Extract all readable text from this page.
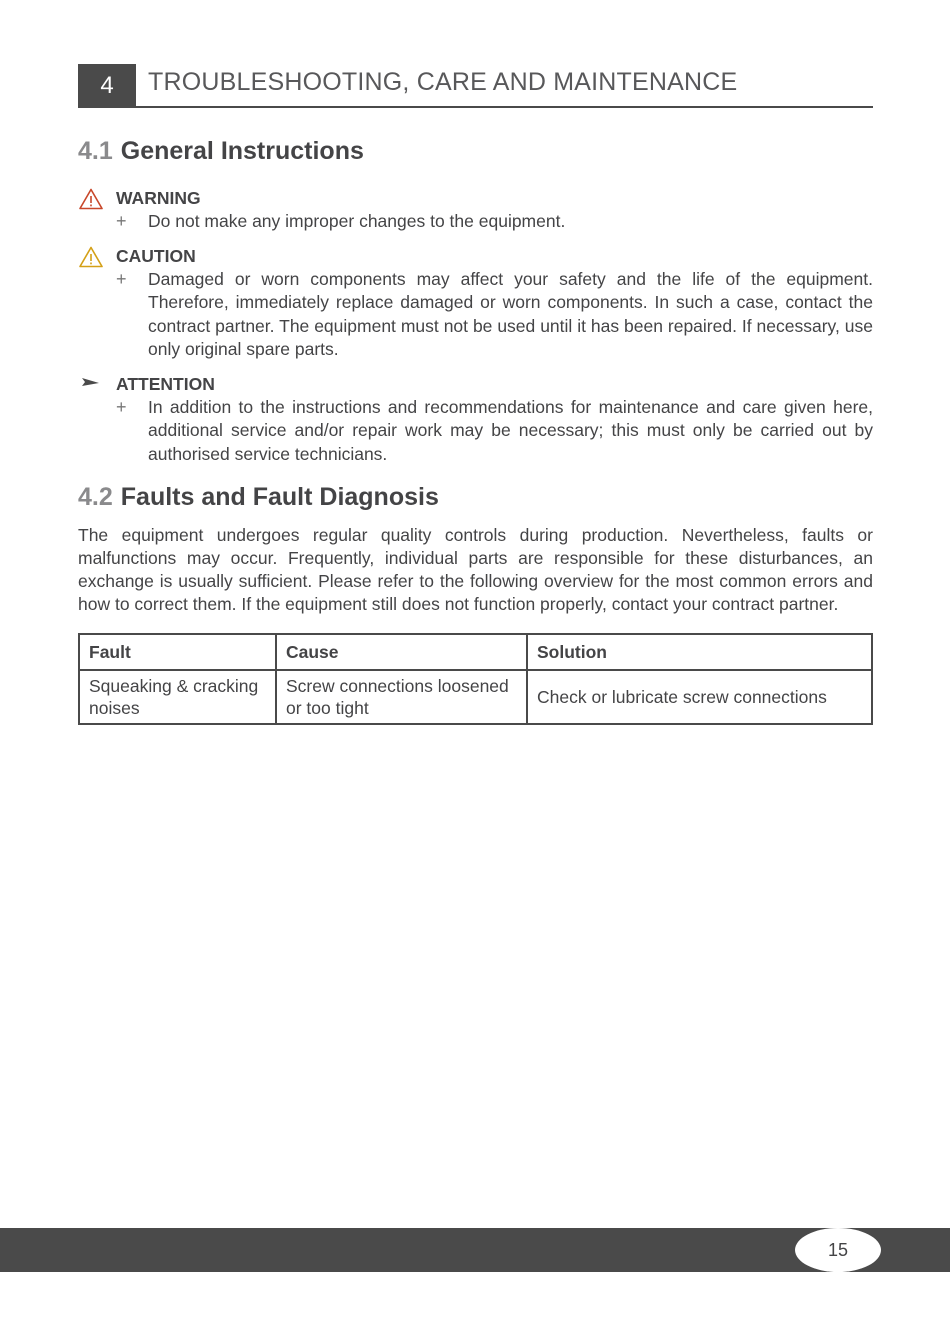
4	TROUBLESHOOTING, CARE AND MAINTENANCE
4.1 General Instructions
WARNING
+ Do not make any improper changes to the equipment.
CAUTION
+ Damaged or worn components may affect your safety and the life of the equipment. Therefore, immediately replace damaged or worn components. In such a case, contact the contract partner. The equipment must not be used until it has been repaired. If necessary, use only original spare parts.
ATTENTION
+ In addition to the instructions and recommendations for maintenance and care given here, additional service and/or repair work may be necessary; this must only be carried out by authorised service technicians.
4.2 Faults and Fault Diagnosis
The equipment undergoes regular quality controls during production. Nevertheless, faults or malfunctions may occur. Frequently, individual parts are responsible for these disturbances, an exchange is usually sufficient. Please refer to the following overview for the most common errors and how to correct them. If the equipment still does not function properly, contact your contract partner.
Fault	Cause	Solution
Squeaking & cracking noises	Screw connections loosened or too tight	Check or lubricate screw connections
15
